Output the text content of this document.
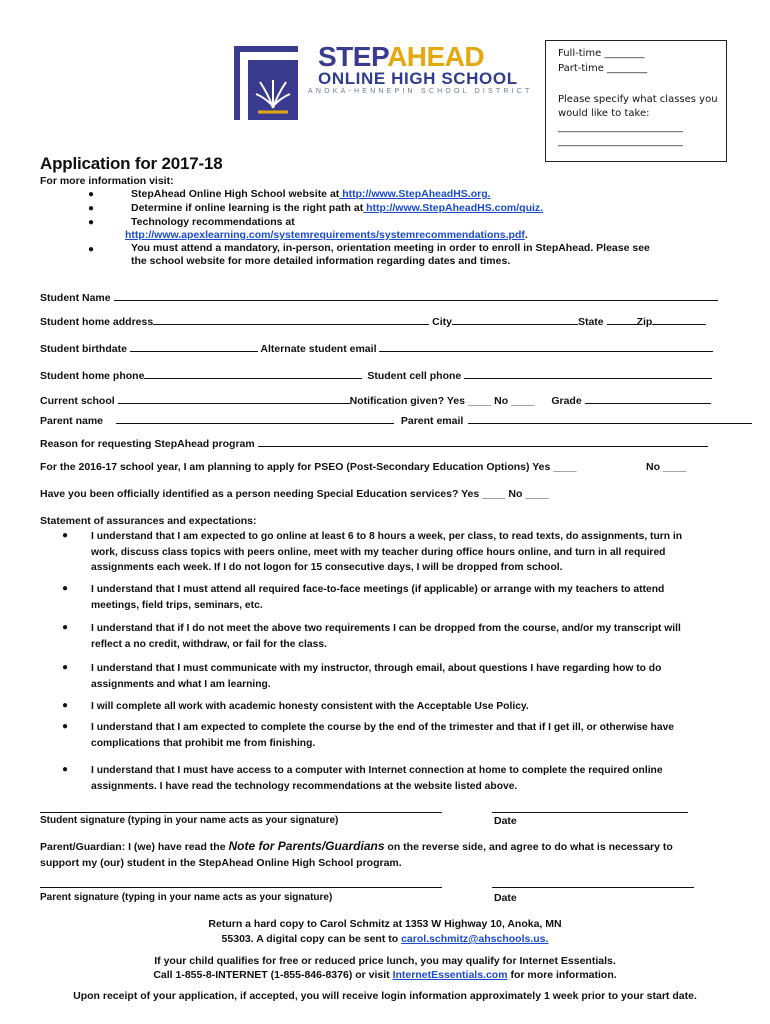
STEPAHEAD
ONLINE HIGH SCHOOL
ANOKA-HENNEPIN SCHOOL DISTRICT
Full-time ________
Part-time ________
Please specify what classes you
would like to take:
_________________________
_________________________
Application for 2017-18
For more information visit:
●	StepAhead Online High School website at http://www.StepAheadHS.org.
●	Determine if online learning is the right path at http://www.StepAheadHS.com/quiz.
●	Technology recommendations at
http://www.apexlearning.com/systemrequirements/systemrecommendations.pdf.
●	You must attend a mandatory, in-person, orientation meeting in order to enroll in StepAhead. Please see
the school website for more detailed information regarding dates and times.
Student Name
Student home address	City	State	Zip
Student birthdate	Alternate student email
Student home phone	Student cell phone
Current school	Notification given? Yes ____ No ____ Grade
Parent name	Parent email
Reason for requesting StepAhead program
For the 2016-17 school year, I am planning to apply for PSEO (Post-Secondary Education Options) Yes ____	No ____
Have you been officially identified as a person needing Special Education services? Yes ____ No ____
Statement of assurances and expectations:
● I understand that I am expected to go online at least 6 to 8 hours a week, per class, to read texts, do assignments, turn in
work, discuss class topics with peers online, meet with my teacher during office hours online, and turn in all required
assignments each week. If I do not logon for 15 consecutive days, I will be dropped from school.
● I understand that I must attend all required face-to-face meetings (if applicable) or arrange with my teachers to attend
meetings, field trips, seminars, etc.
● I understand that if I do not meet the above two requirements I can be dropped from the course, and/or my transcript will
reflect a no credit, withdraw, or fail for the class.
● I understand that I must communicate with my instructor, through email, about questions I have regarding how to do
assignments and what I am learning.
● I will complete all work with academic honesty consistent with the Acceptable Use Policy.
● I understand that I am expected to complete the course by the end of the trimester and that if I get ill, or otherwise have
complications that prohibit me from finishing.
● I understand that I must have access to a computer with Internet connection at home to complete the required online
assignments. I have read the technology recommendations at the website listed above.
Student signature (typing in your name acts as your signature)	Date
Parent/Guardian: I (we) have read the Note for Parents/Guardians on the reverse side, and agree to do what is necessary to
support my (our) student in the StepAhead Online High School program.
Parent signature (typing in your name acts as your signature)	Date
Return a hard copy to Carol Schmitz at 1353 W Highway 10, Anoka, MN
55303. A digital copy can be sent to carol.schmitz@ahschools.us.
If your child qualifies for free or reduced price lunch, you may qualify for Internet Essentials.
Call 1-855-8-INTERNET (1-855-846-8376) or visit InternetEssentials.com for more information.
Upon receipt of your application, if accepted, you will receive login information approximately 1 week prior to your start date.
